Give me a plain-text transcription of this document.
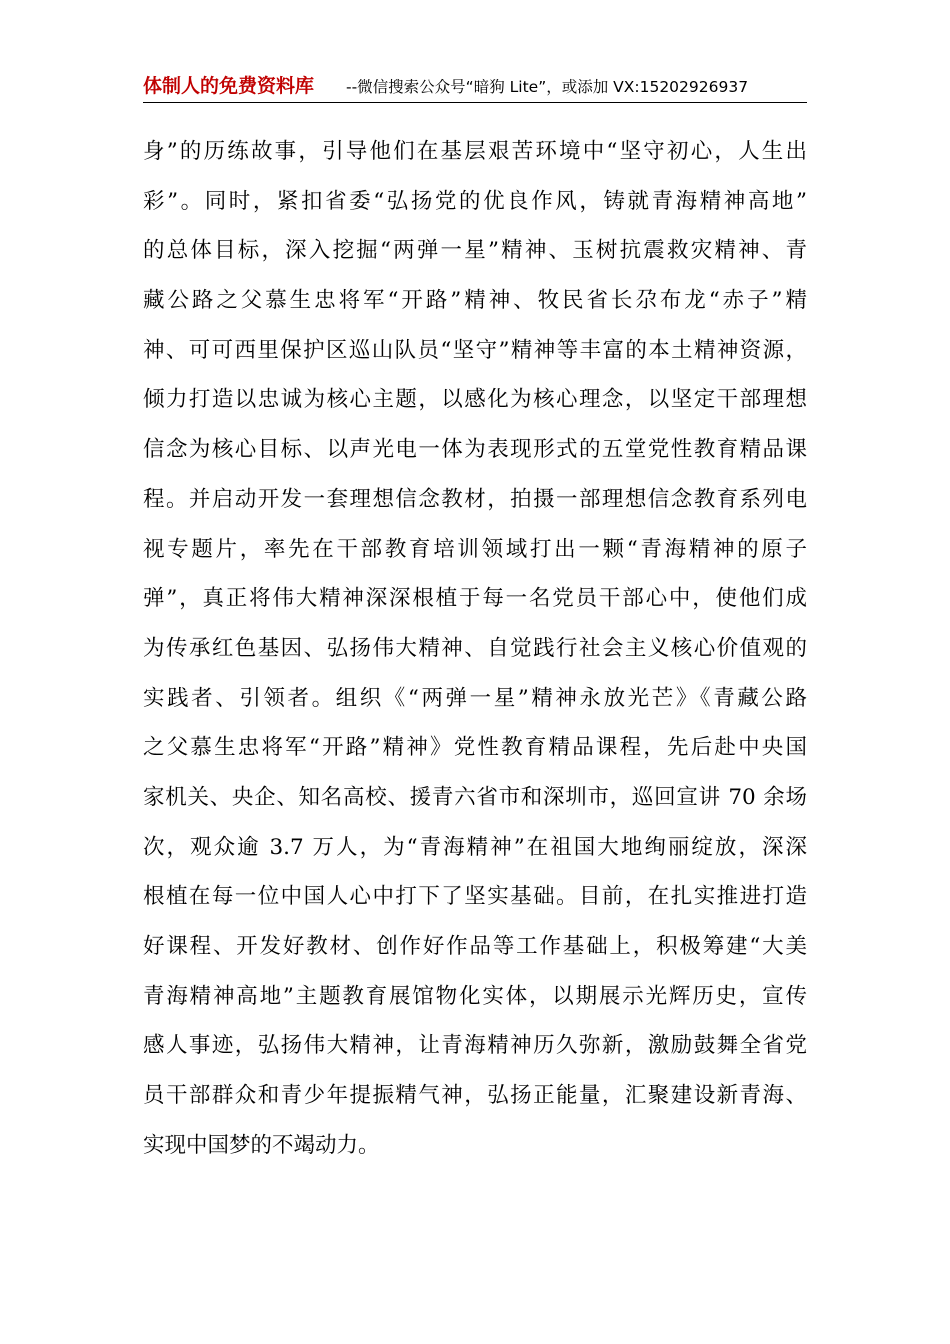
体制人的免费资料库 --微信搜索公众号“暗狗 Lite”，或添加 VX:15202926937
身”的历练故事，引导他们在基层艰苦环境中“坚守初心，人生出
彩”。同时，紧扣省委“弘扬党的优良作风，铸就青海精神高地”
的总体目标，深入挖掘“两弹一星”精神、玉树抗震救灾精神、青
藏公路之父慕生忠将军“开路”精神、牧民省长尕布龙“赤子”精
神、可可西里保护区巡山队员“坚守”精神等丰富的本土精神资源，
倾力打造以忠诚为核心主题，以感化为核心理念，以坚定干部理想
信念为核心目标、以声光电一体为表现形式的五堂党性教育精品课
程。并启动开发一套理想信念教材，拍摄一部理想信念教育系列电
视专题片，率先在干部教育培训领域打出一颗“青海精神的原子
弹”，真正将伟大精神深深根植于每一名党员干部心中，使他们成
为传承红色基因、弘扬伟大精神、自觉践行社会主义核心价值观的
实践者、引领者。组织《“两弹一星”精神永放光芒》《青藏公路
之父慕生忠将军“开路”精神》党性教育精品课程，先后赴中央国
家机关、央企、知名高校、援青六省市和深圳市，巡回宣讲 70 余场
次，观众逾 3.7 万人，为“青海精神”在祖国大地绚丽绽放，深深
根植在每一位中国人心中打下了坚实基础。目前，在扎实推进打造
好课程、开发好教材、创作好作品等工作基础上，积极筹建“大美
青海精神高地”主题教育展馆物化实体，以期展示光辉历史，宣传
感人事迹，弘扬伟大精神，让青海精神历久弥新，激励鼓舞全省党
员干部群众和青少年提振精气神，弘扬正能量，汇聚建设新青海、
实现中国梦的不竭动力。
